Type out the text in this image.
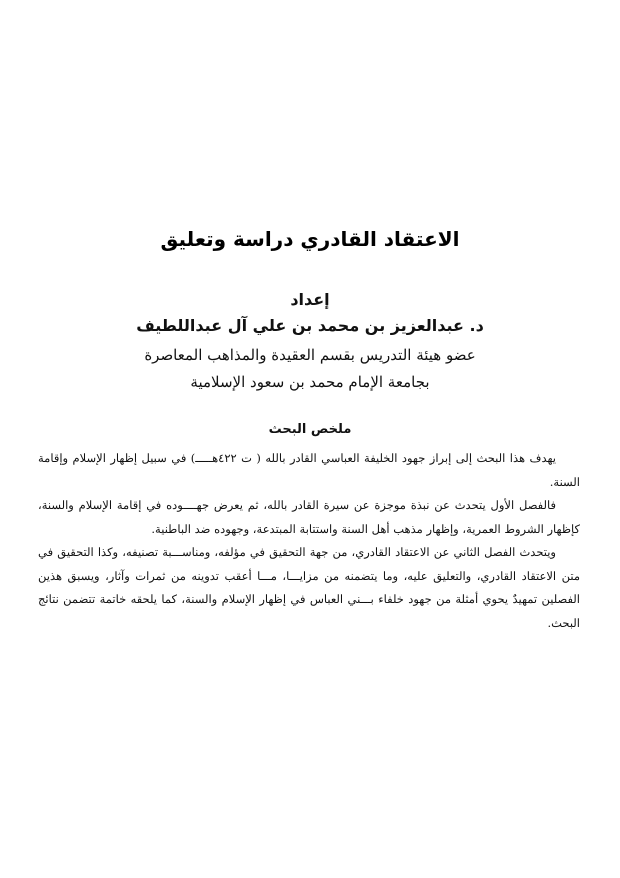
الاعتقاد القادري دراسة وتعليق
إعداد
د. عبدالعزيز بن محمد بن علي آل عبداللطيف
عضو هيئة التدريس بقسم العقيدة والمذاهب المعاصرة
بجامعة الإمام محمد بن سعود الإسلامية
ملخص البحث

يهدف هذا البحث إلى إبراز جهود الخليفة العباسي القادر بالله ( ت ٤٢٢هـــــ) في سبيل إظهار الإسلام وإقامة السنة.

فالفصل الأول يتحدث عن نبذة موجزة عن سيرة القادر بالله، ثم يعرض جهــــوده في إقامة الإسلام والسنة، كإظهار الشروط العمرية، وإظهار مذهب أهل السنة واستتابة المبتدعة، وجهوده ضد الباطنية.

ويتحدث الفصل الثاني عن الاعتقاد القادري، من جهة التحقيق في مؤلفه، ومناســـبة تصنيفه، وكذا التحقيق في متن الاعتقاد القادري، والتعليق عليه، وما يتضمنه من مزايـــا، مـــا أعقب تدوينه من ثمرات وآثار، ويسبق هذين الفصلين تمهيدٌ يحوي أمثلة من جهود خلفاء بـــني العباس في إظهار الإسلام والسنة، كما يلحقه خاتمة تتضمن نتائج البحث.
